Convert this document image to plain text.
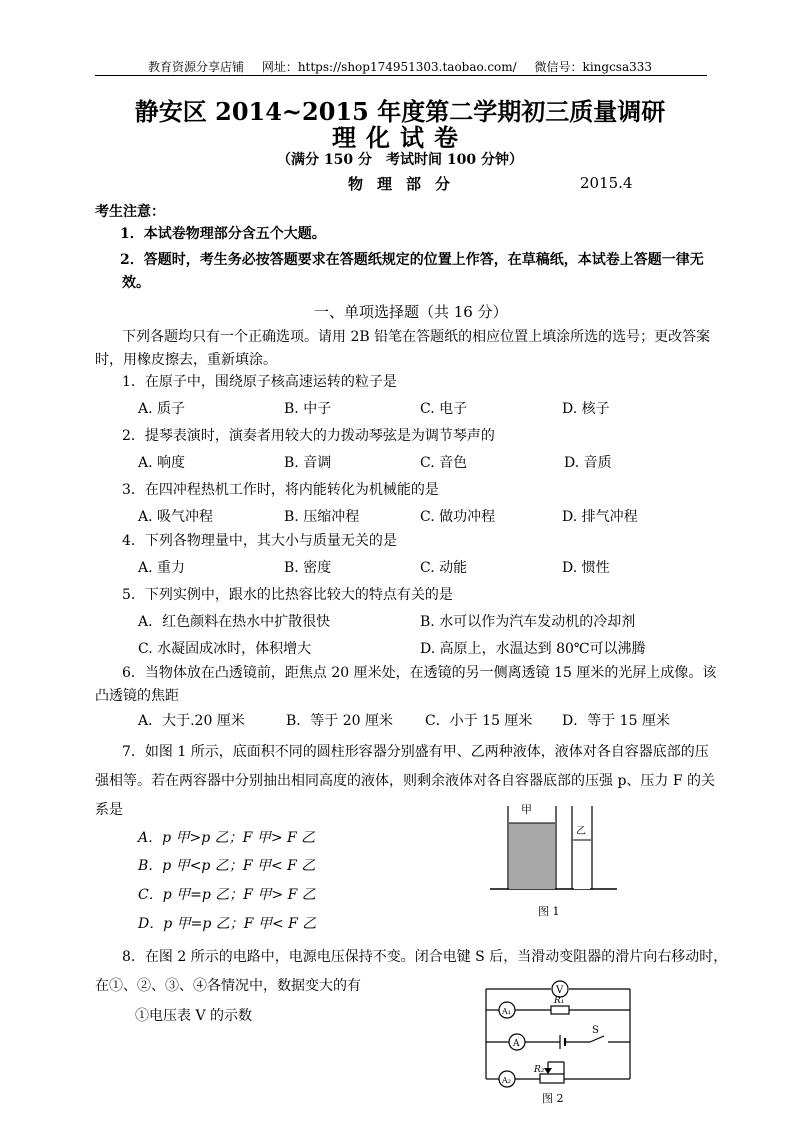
教育资源分享店铺 网址：https://shop174951303.taobao.com/ 微信号：kingcsa333
静安区 2014~2015 年度第二学期初三质量调研
理化试卷
（满分 150 分　考试时间 100 分钟）
物理部分	2015.4
考生注意：
1．本试卷物理部分含五个大题。
2．答题时，考生务必按答题要求在答题纸规定的位置上作答，在草稿纸，本试卷上答题一律无
效。
一、单项选择题（共 16 分）
下列各题均只有一个正确选项。请用 2B 铅笔在答题纸的相应位置上填涂所选的选号；更改答案
时，用橡皮擦去，重新填涂。
1．在原子中，围绕原子核高速运转的粒子是
A. 质子	B. 中子	C. 电子	D. 核子
2．提琴表演时，演奏者用较大的力拨动琴弦是为调节琴声的
A. 响度	B. 音调	C. 音色	D. 音质
3．在四冲程热机工作时，将内能转化为机械能的是
A. 吸气冲程	B. 压缩冲程	C. 做功冲程	D. 排气冲程
4．下列各物理量中，其大小与质量无关的是
A. 重力	B. 密度	C. 动能	D. 惯性
5．下列实例中，跟水的比热容比较大的特点有关的是
A．红色颜料在热水中扩散很快	B. 水可以作为汽车发动机的冷却剂
C. 水凝固成冰时，体积增大	D. 高原上，水温达到 80℃可以沸腾
6．当物体放在凸透镜前，距焦点 20 厘米处，在透镜的另一侧离透镜 15 厘米的光屏上成像。该
凸透镜的焦距
A．大于.20 厘米	B．等于 20 厘米 C．小于 15 厘米 D．等于 15 厘米
7．如图 1 所示，底面积不同的圆柱形容器分别盛有甲、乙两种液体，液体对各自容器底部的压
强相等。若在两容器中分别抽出相同高度的液体，则剩余液体对各自容器底部的压强 p、压力 F 的关
系是
A．p 甲>p 乙；F 甲> F 乙
B．p 甲<p 乙；F 甲< F 乙
C．p 甲=p 乙；F 甲> F 乙
D．p 甲=p 乙；F 甲< F 乙
甲
乙
图 1
8．在图 2 所示的电路中，电源电压保持不变。闭合电键 S 后，当滑动变阻器的滑片向右移动时，
在①、②、③、④各情况中，数据变大的有
①电压表 V 的示数
V
A₁
A
A₂
R₁
S
R₂
图 2
